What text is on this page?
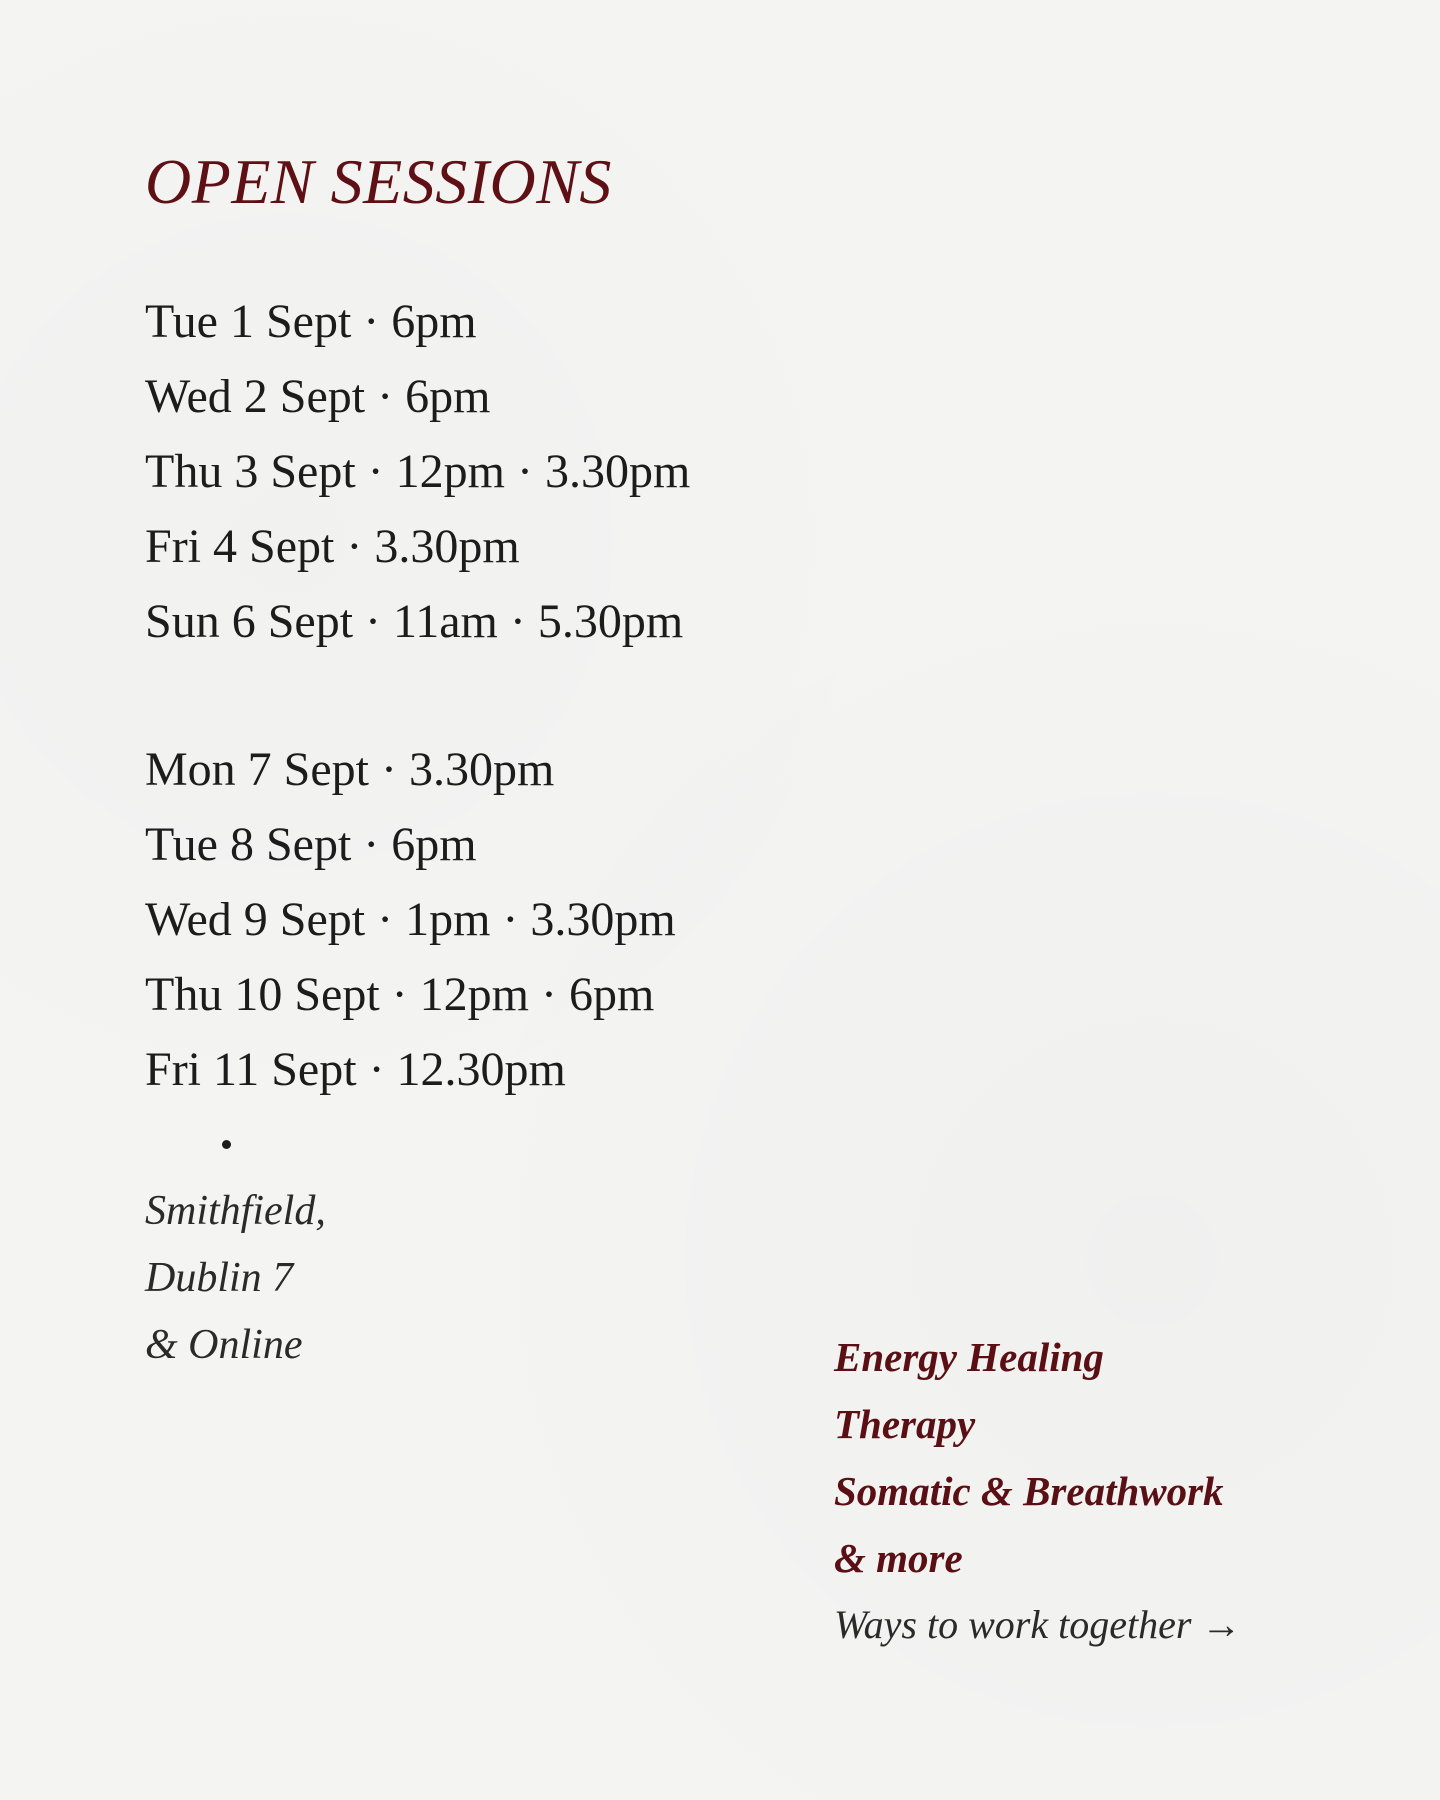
OPEN SESSIONS
Tue 1 Sept · 6pm
Wed 2 Sept · 6pm
Thu 3 Sept · 12pm · 3.30pm
Fri 4 Sept · 3.30pm
Sun 6 Sept · 11am · 5.30pm
Mon 7 Sept · 3.30pm
Tue 8 Sept · 6pm
Wed 9 Sept · 1pm · 3.30pm
Thu 10 Sept · 12pm · 6pm
Fri 11 Sept · 12.30pm
Smithfield,
Dublin 7
& Online	Energy Healing
Therapy
Somatic & Breathwork
& more
Ways to work together →
